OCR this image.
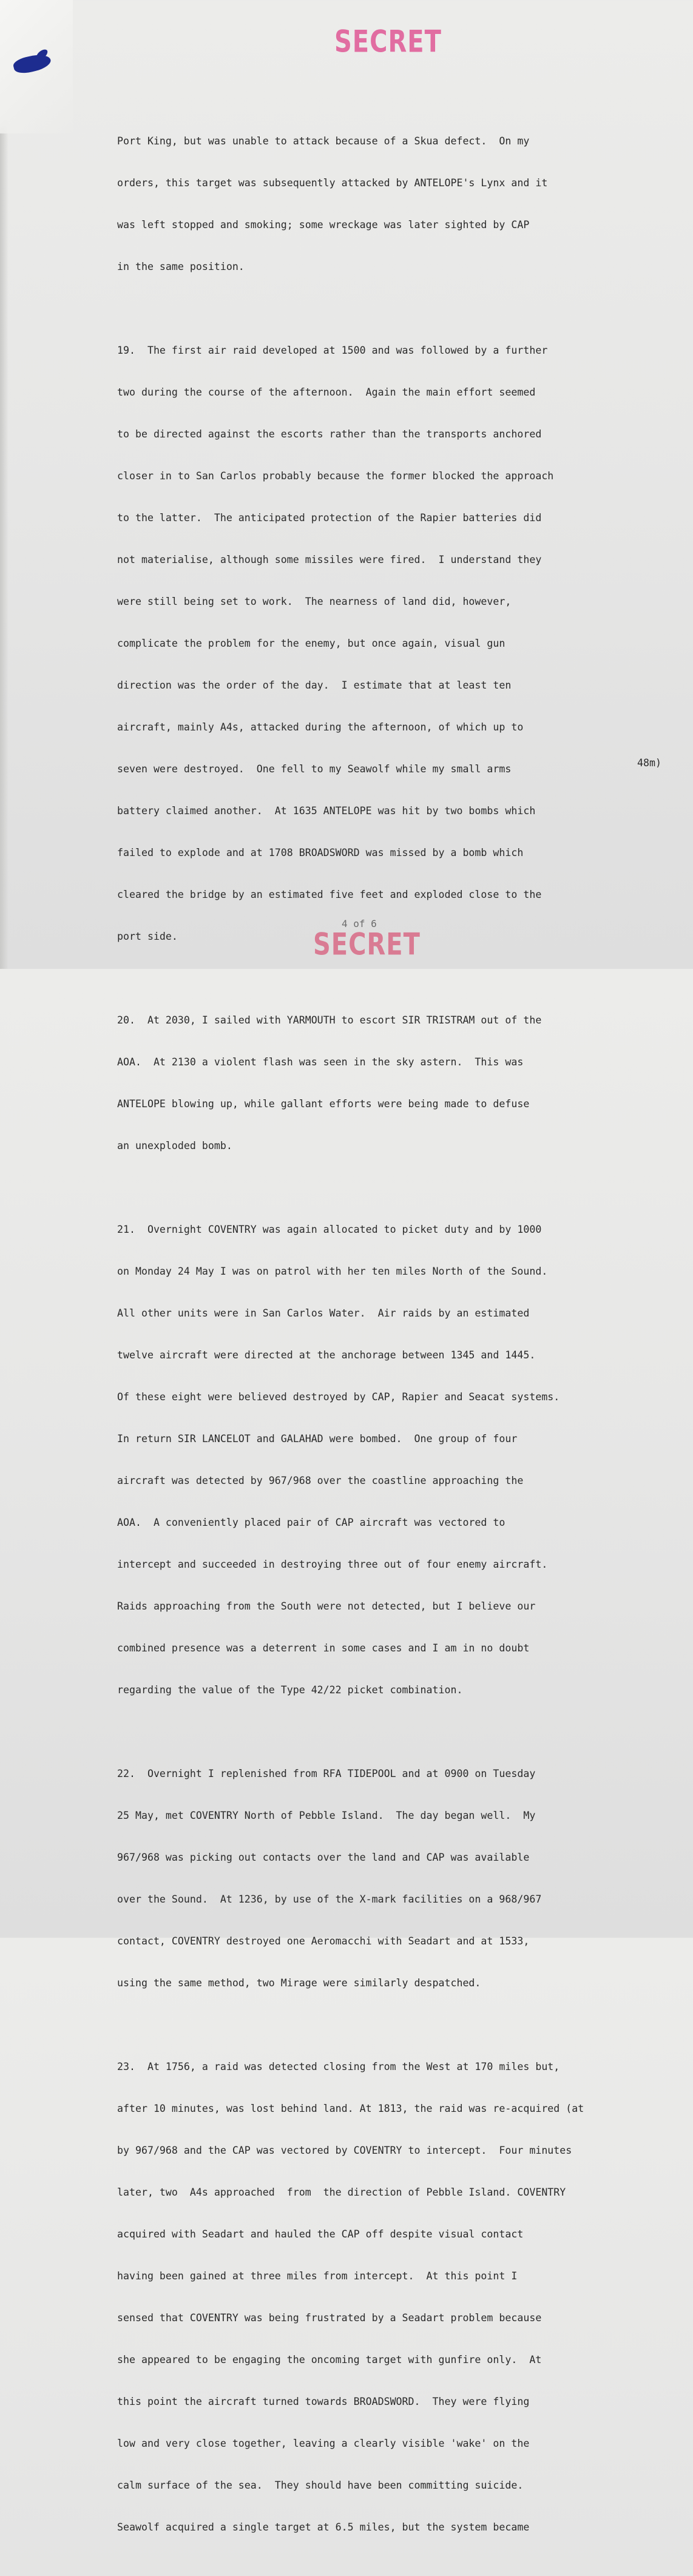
SECRET

Port King, but was unable to attack because of a Skua defect.  On my

orders, this target was subsequently attacked by ANTELOPE's Lynx and it

was left stopped and smoking; some wreckage was later sighted by CAP

in the same position.

19.  The first air raid developed at 1500 and was followed by a further

two during the course of the afternoon.  Again the main effort seemed

to be directed against the escorts rather than the transports anchored

closer in to San Carlos probably because the former blocked the approach

to the latter.  The anticipated protection of the Rapier batteries did

not materialise, although some missiles were fired.  I understand they

were still being set to work.  The nearness of land did, however,

complicate the problem for the enemy, but once again, visual gun

direction was the order of the day.  I estimate that at least ten

aircraft, mainly A4s, attacked during the afternoon, of which up to

seven were destroyed.  One fell to my Seawolf while my small arms

battery claimed another.  At 1635 ANTELOPE was hit by two bombs which

failed to explode and at 1708 BROADSWORD was missed by a bomb which

cleared the bridge by an estimated five feet and exploded close to the

port side.

20.  At 2030, I sailed with YARMOUTH to escort SIR TRISTRAM out of the

AOA.  At 2130 a violent flash was seen in the sky astern.  This was

ANTELOPE blowing up, while gallant efforts were being made to defuse

an unexploded bomb.

21.  Overnight COVENTRY was again allocated to picket duty and by 1000

on Monday 24 May I was on patrol with her ten miles North of the Sound.

All other units were in San Carlos Water.  Air raids by an estimated

twelve aircraft were directed at the anchorage between 1345 and 1445.

Of these eight were believed destroyed by CAP, Rapier and Seacat systems.

In return SIR LANCELOT and GALAHAD were bombed.  One group of four

aircraft was detected by 967/968 over the coastline approaching the

AOA.  A conveniently placed pair of CAP aircraft was vectored to

intercept and succeeded in destroying three out of four enemy aircraft.

Raids approaching from the South were not detected, but I believe our

combined presence was a deterrent in some cases and I am in no doubt

regarding the value of the Type 42/22 picket combination.

22.  Overnight I replenished from RFA TIDEPOOL and at 0900 on Tuesday

25 May, met COVENTRY North of Pebble Island.  The day began well.  My

967/968 was picking out contacts over the land and CAP was available

over the Sound.  At 1236, by use of the X-mark facilities on a 968/967

contact, COVENTRY destroyed one Aeromacchi with Seadart and at 1533,

using the same method, two Mirage were similarly despatched.

23.  At 1756, a raid was detected closing from the West at 170 miles but,

after 10 minutes, was lost behind land. At 1813, the raid was re-acquired (at

by 967/968 and the CAP was vectored by COVENTRY to intercept.  Four minutes

later, two  A4s approached  from  the direction of Pebble Island. COVENTRY

acquired with Seadart and hauled the CAP off despite visual contact

having been gained at three miles from intercept.  At this point I

sensed that COVENTRY was being frustrated by a Seadart problem because

she appeared to be engaging the oncoming target with gunfire only.  At

this point the aircraft turned towards BROADSWORD.  They were flying

low and very close together, leaving a clearly visible 'wake' on the

calm surface of the sea.  They should have been committing suicide.

Seawolf acquired a single target at 6.5 miles, but the system became

48m)
4 of 6
SECRET
